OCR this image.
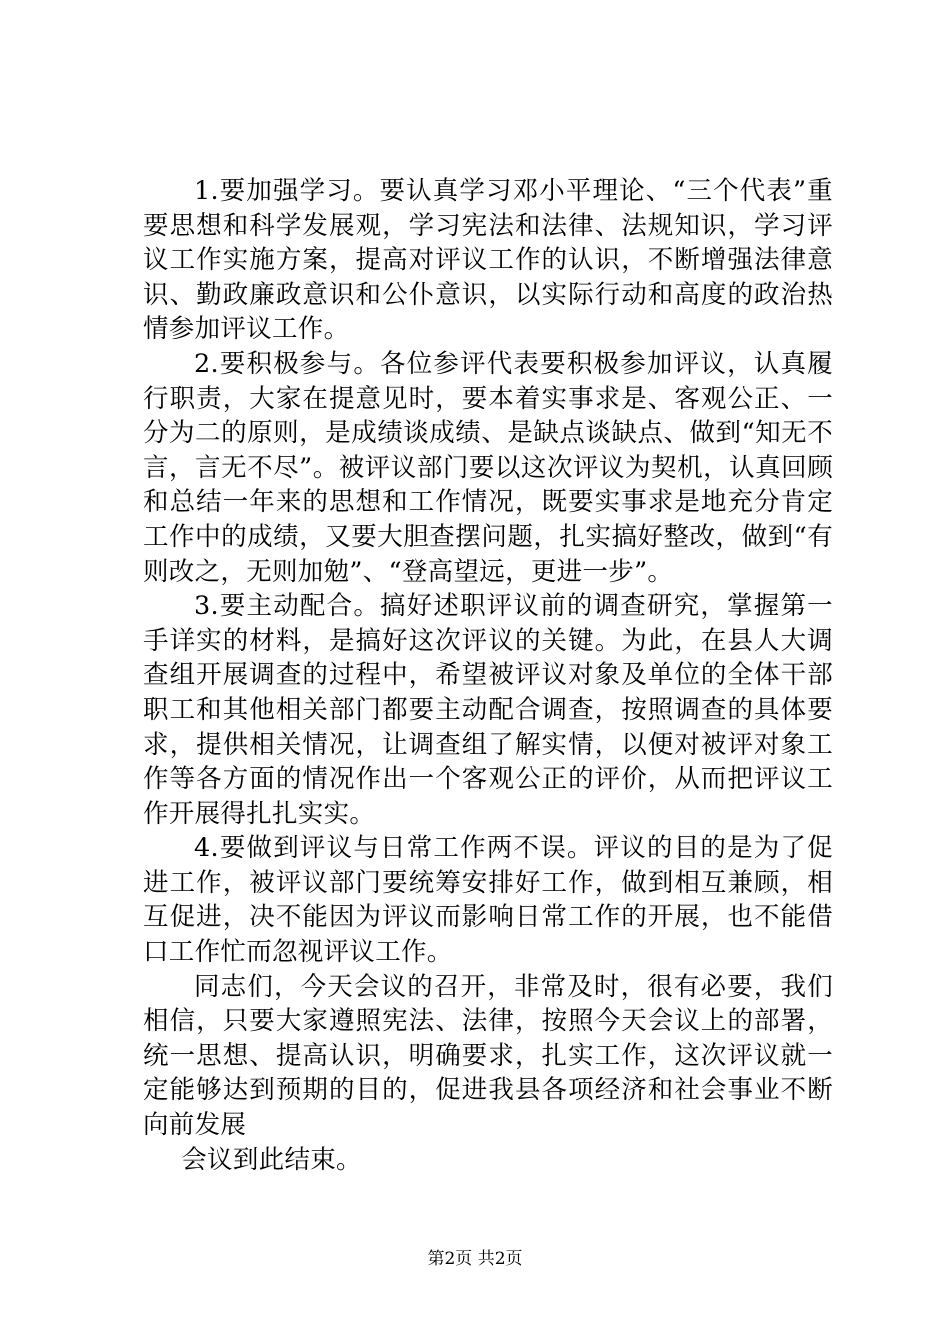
1.要加强学习。要认真学习邓小平理论、“三个代表”重要思想和科学发展观，学习宪法和法律、法规知识，学习评议工作实施方案，提高对评议工作的认识，不断增强法律意识、勤政廉政意识和公仆意识，以实际行动和高度的政治热情参加评议工作。

2.要积极参与。各位参评代表要积极参加评议，认真履行职责，大家在提意见时，要本着实事求是、客观公正、一分为二的原则，是成绩谈成绩、是缺点谈缺点、做到“知无不言，言无不尽”。被评议部门要以这次评议为契机，认真回顾和总结一年来的思想和工作情况，既要实事求是地充分肯定工作中的成绩，又要大胆查摆问题，扎实搞好整改，做到“有则改之，无则加勉”、“登高望远，更进一步”。

3.要主动配合。搞好述职评议前的调查研究，掌握第一手详实的材料，是搞好这次评议的关键。为此，在县人大调查组开展调查的过程中，希望被评议对象及单位的全体干部职工和其他相关部门都要主动配合调查，按照调查的具体要求，提供相关情况，让调查组了解实情，以便对被评对象工作等各方面的情况作出一个客观公正的评价，从而把评议工作开展得扎扎实实。

4.要做到评议与日常工作两不误。评议的目的是为了促进工作，被评议部门要统筹安排好工作，做到相互兼顾，相互促进，决不能因为评议而影响日常工作的开展，也不能借口工作忙而忽视评议工作。

同志们，今天会议的召开，非常及时，很有必要，我们相信，只要大家遵照宪法、法律，按照今天会议上的部署，统一思想、提高认识，明确要求，扎实工作，这次评议就一定能够达到预期的目的，促进我县各项经济和社会事业不断向前发展

会议到此结束。

第2页 共2页
